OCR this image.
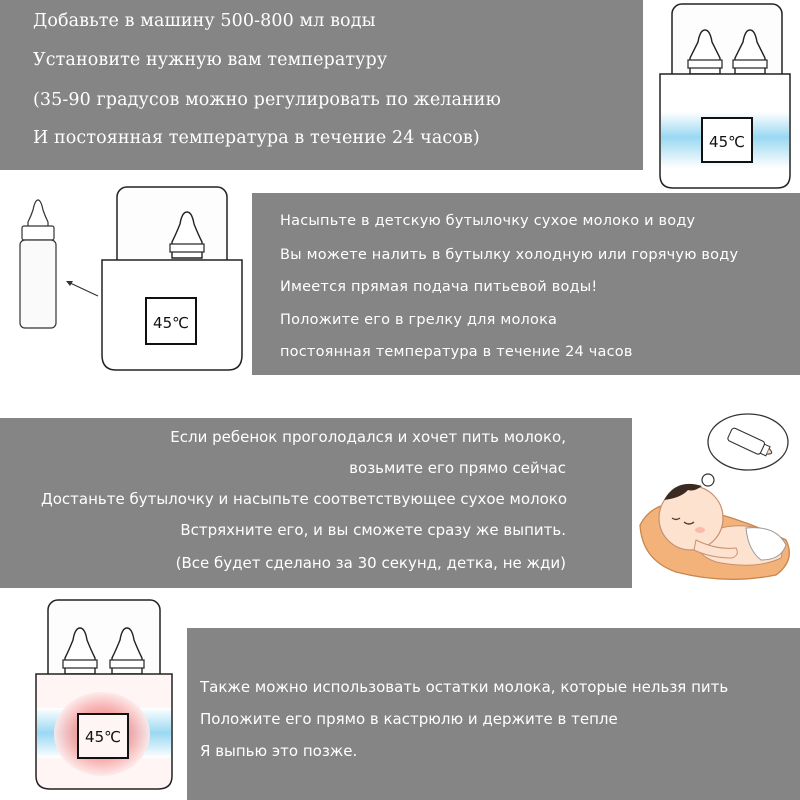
Добавьте в машину 500-800 мл воды
Установите нужную вам температуру
(35-90 градусов можно регулировать по желанию
И постоянная температура в течение 24 часов)	45℃
45℃
Насыпьте в детскую бутылочку сухое молоко и воду
Вы можете налить в бутылку холодную или горячую воду
Имеется прямая подача питьевой воды!
Положите его в грелку для молока
постоянная температура в течение 24 часов
Если ребенок проголодался и хочет пить молоко,
возьмите его прямо сейчас
Достаньте бутылочку и насыпьте соответствующее сухое молоко
Встряхните его, и вы сможете сразу же выпить.
(Все будет сделано за 30 секунд, детка, не жди)
45℃
Также можно использовать остатки молока, которые нельзя пить
Положите его прямо в кастрюлю и держите в тепле
Я выпью это позже.
